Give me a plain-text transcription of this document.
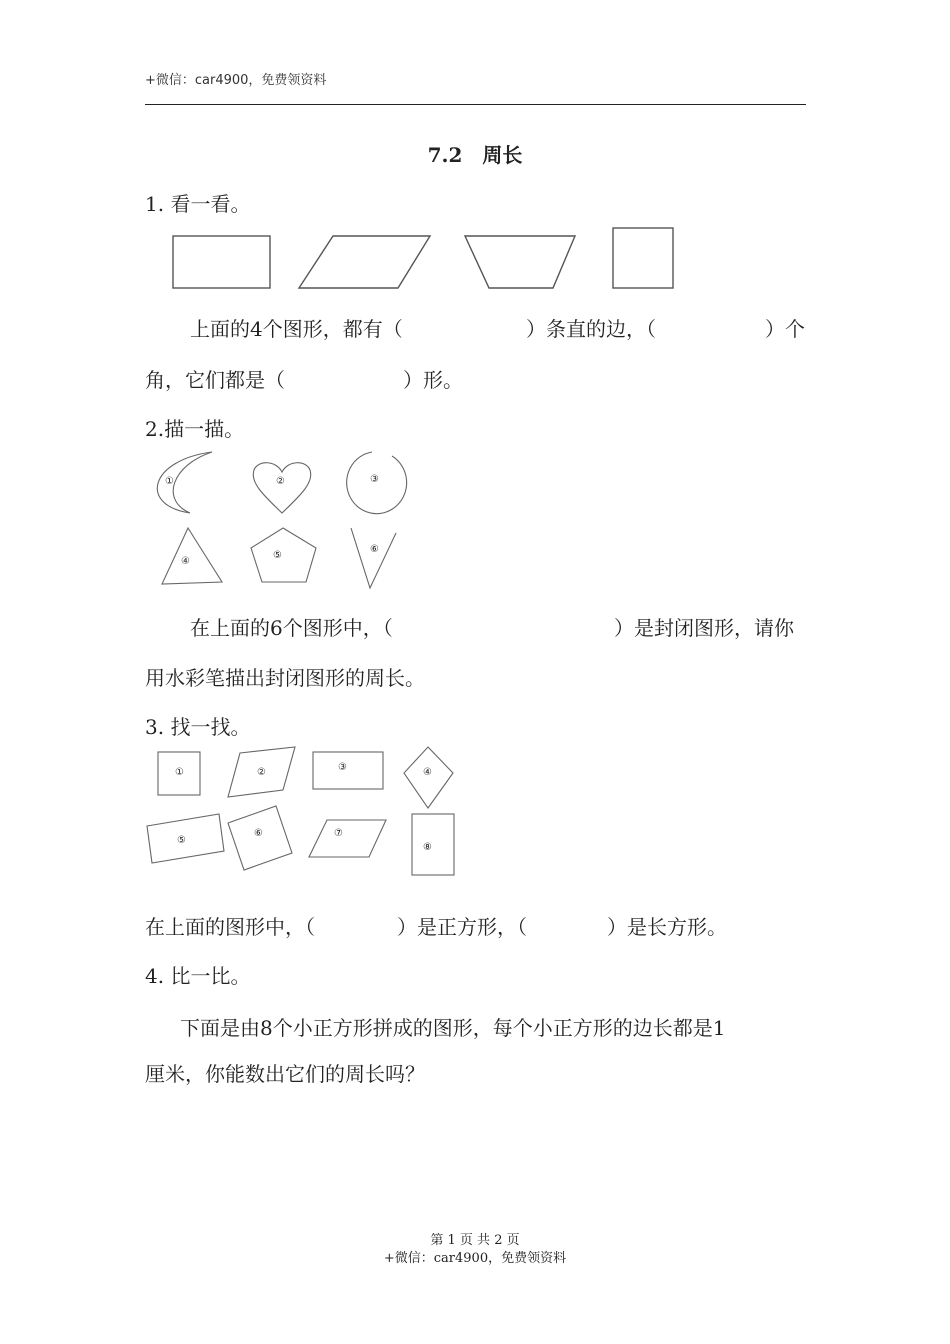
+微信：car4900，免费领资料
7.2　周长
1. 看一看。
上面的4个图形，都有（	）条直的边，（	）个
角，它们都是（	）形。
2.描一描。
①	②	③
④
⑤
⑥
在上面的6个图形中，（	）是封闭图形，请你
用水彩笔描出封闭图形的周长。
3. 找一找。
①	②	③	④
⑤
⑥	⑦
⑧
在上面的图形中，（	）是正方形，（	）是长方形。
4. 比一比。
下面是由8个小正方形拼成的图形，每个小正方形的边长都是1
厘米，你能数出它们的周长吗？
第 1 页 共 2 页
+微信：car4900，免费领资料
